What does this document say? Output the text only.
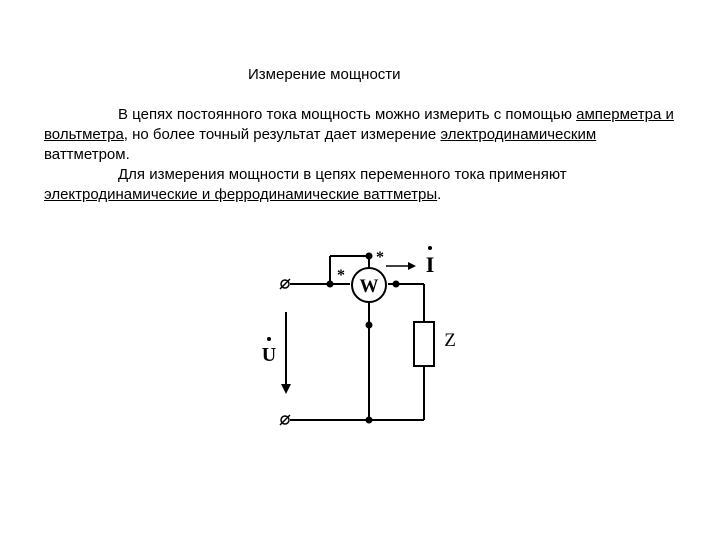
Измерение мощности

В цепях постоянного тока мощность можно измерить с помощью амперметра и вольтметра, но более точный результат дает измерение электродинамическим ваттметром.

Для измерения мощности в цепях переменного тока применяют электродинамические и ферродинамические ваттметры.

W
I
U
Z
*
*
